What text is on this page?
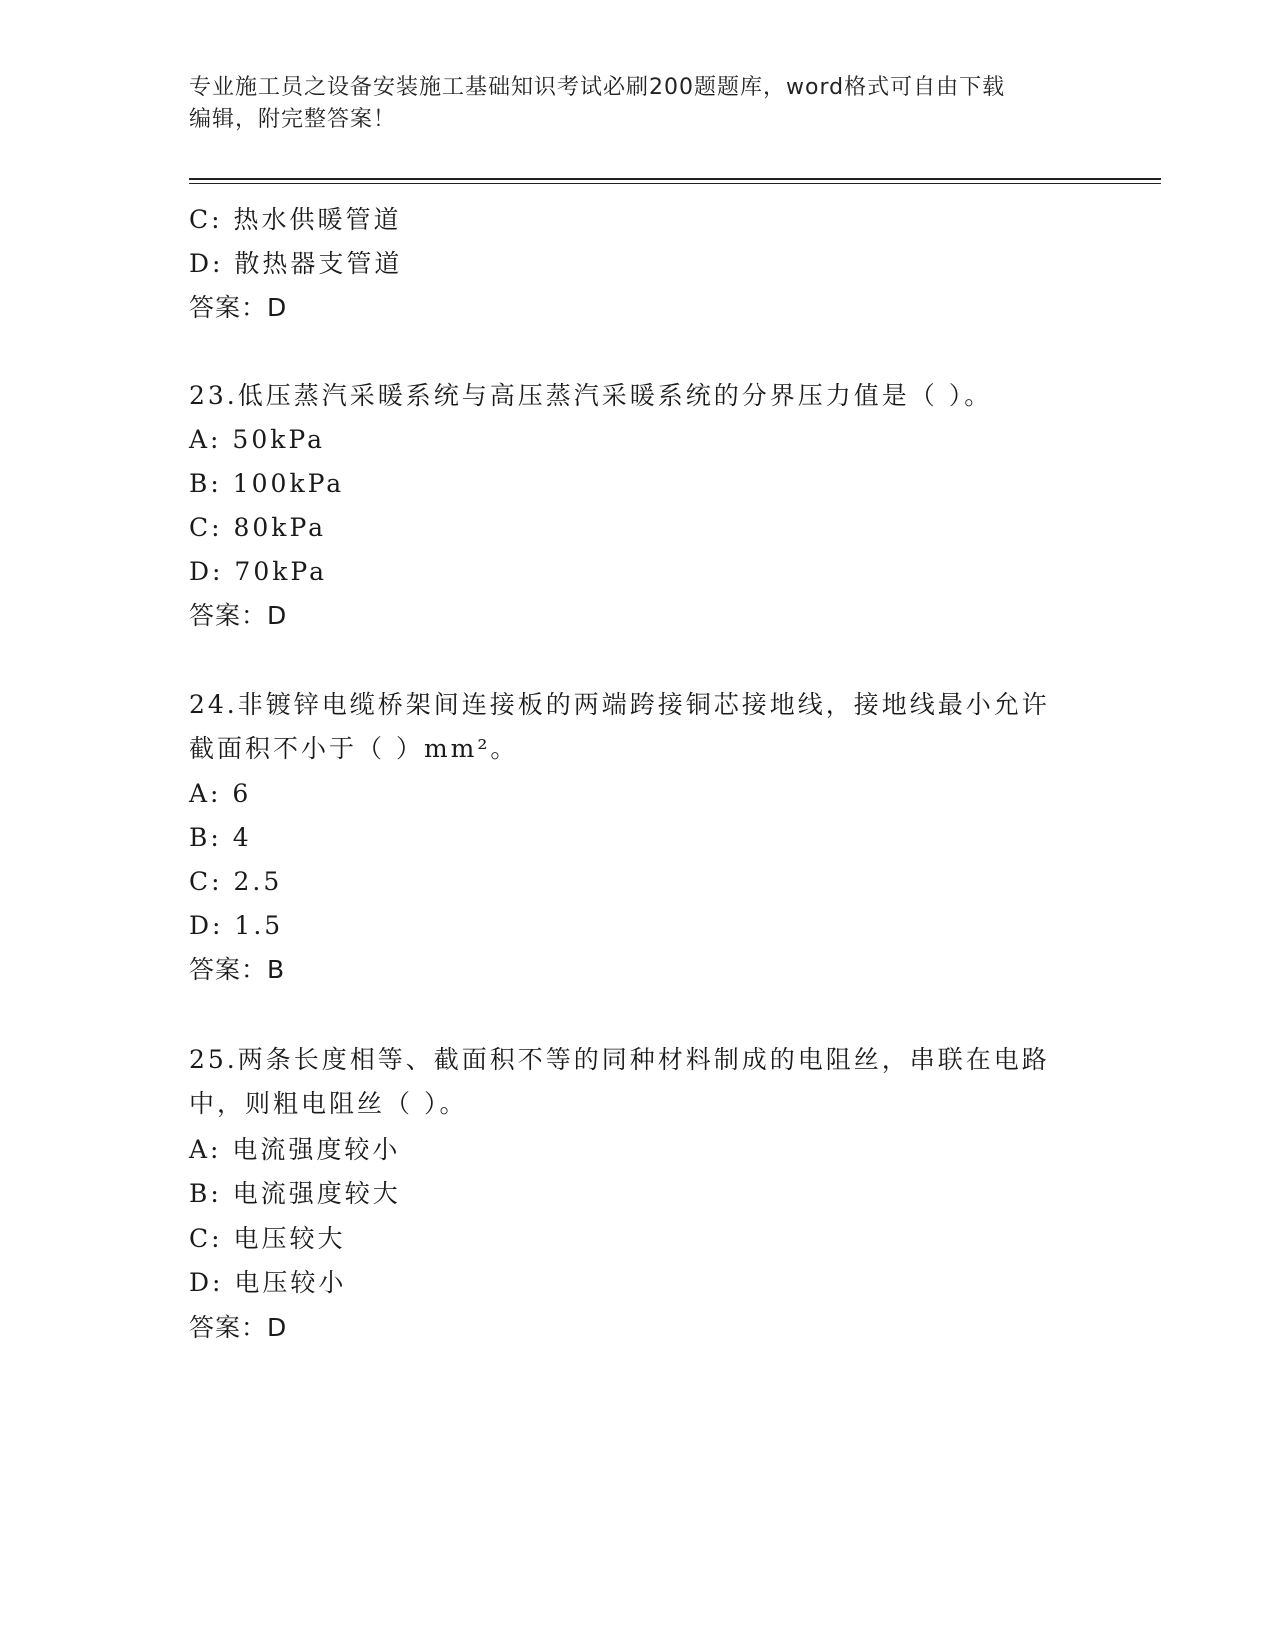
专业施工员之设备安装施工基础知识考试必刷200题题库，word格式可自由下载
编辑，附完整答案！
C: 热水供暖管道
D: 散热器支管道
答案：D
23.低压蒸汽采暖系统与高压蒸汽采暖系统的分界压力值是（ ）。
A: 50kPa
B: 100kPa
C: 80kPa
D: 70kPa
答案：D
24.非镀锌电缆桥架间连接板的两端跨接铜芯接地线，接地线最小允许
截面积不小于（ ）mm²。
A: 6
B: 4
C: 2.5
D: 1.5
答案：B
25.两条长度相等、截面积不等的同种材料制成的电阻丝，串联在电路
中，则粗电阻丝（ ）。
A: 电流强度较小
B: 电流强度较大
C: 电压较大
D: 电压较小
答案：D
